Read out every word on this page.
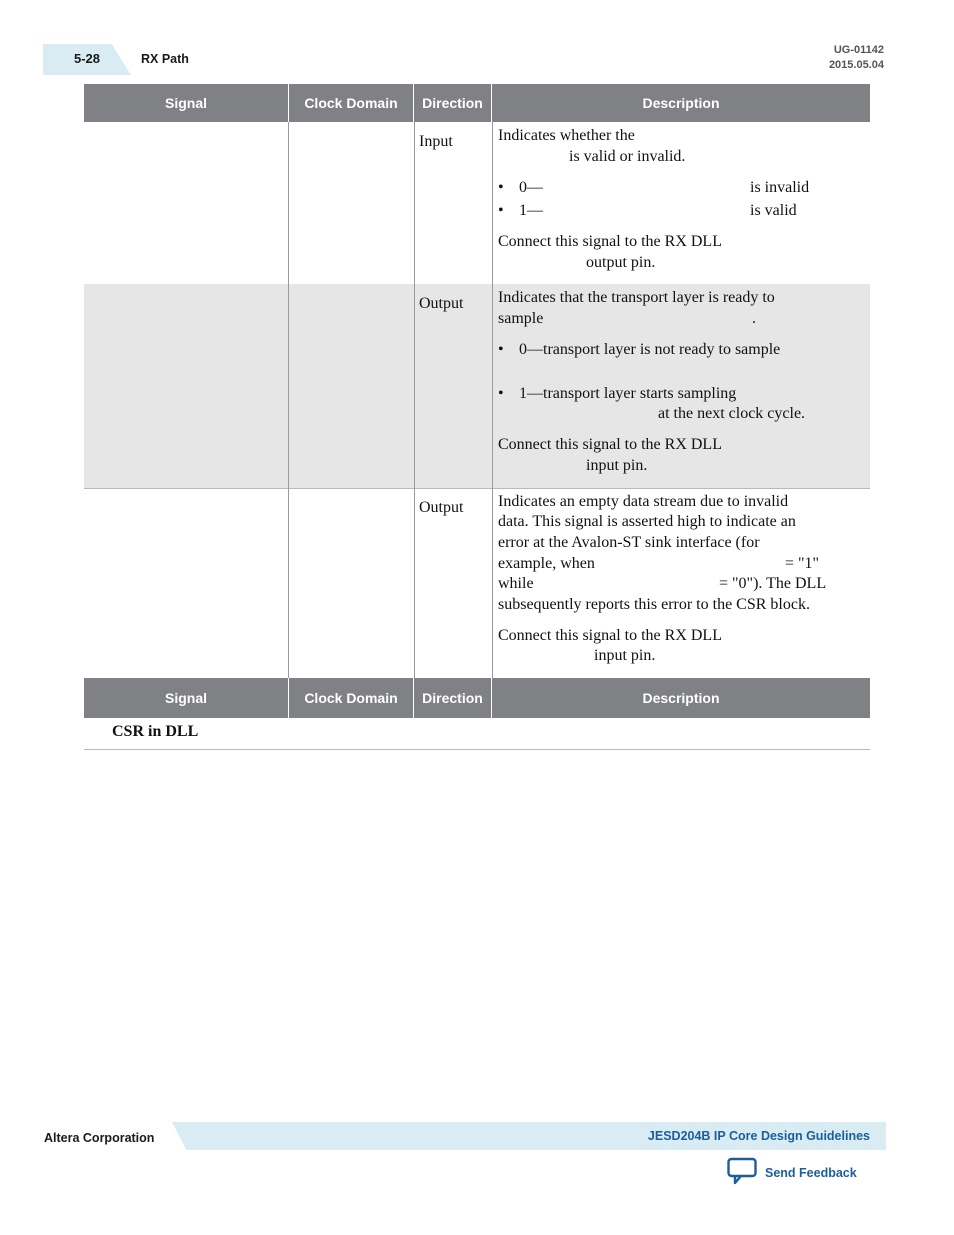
5-28	RX Path
UG-01142
2015.05.04
Signal	Clock Domain	Direction	Description
Input	Indicates whether the
is valid or invalid.
• 0—	is invalid
• 1—	is valid
Connect this signal to the RX DLL
output pin.
Output Indicates that the transport layer is ready to
sample	.
• 0—transport layer is not ready to sample
• 1—transport layer starts sampling
at the next clock cycle.
Connect this signal to the RX DLL
input pin.
Output Indicates an empty data stream due to invalid
data. This signal is asserted high to indicate an
error at the Avalon-ST sink interface (for
example, when	= "1"
while	= "0"). The DLL
subsequently reports this error to the CSR block.
Connect this signal to the RX DLL
input pin.
Signal	Clock Domain	Direction	Description
CSR in DLL
Altera Corporation	JESD204B IP Core Design Guidelines
Send Feedback
